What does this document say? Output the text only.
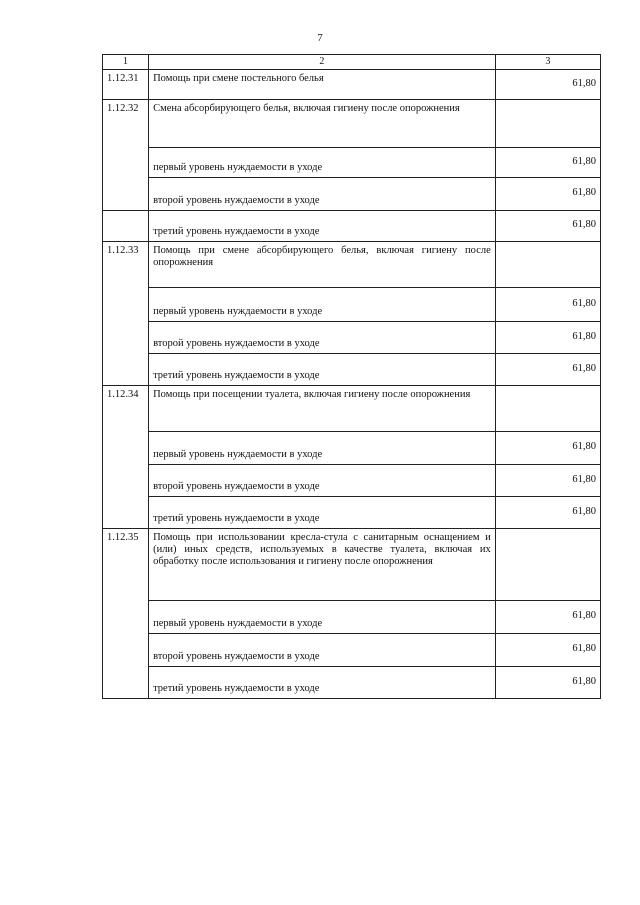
7
1	2	3
1.12.31	Помощь при смене постельного белья	61,80
1.12.32	Смена абсорбирующего белья, включая гигиену после опорожнения	
	первый уровень нуждаемости в уходе	61,80
	второй уровень нуждаемости в уходе	61,80
	третий уровень нуждаемости в уходе	61,80
1.12.33	Помощь при смене абсорбирующего белья, включая гигиену после опорожнения	
	первый уровень нуждаемости в уходе	61,80
	второй уровень нуждаемости в уходе	61,80
	третий уровень нуждаемости в уходе	61,80
1.12.34	Помощь при посещении туалета, включая гигиену после опорожнения	
	первый уровень нуждаемости в уходе	61,80
	второй уровень нуждаемости в уходе	61,80
	третий уровень нуждаемости в уходе	61,80
1.12.35	Помощь при использовании кресла-стула с санитарным оснащением и (или) иных средств, используемых в качестве туалета, включая их обработку после использования и гигиену после опорожнения	
	первый уровень нуждаемости в уходе	61,80
	второй уровень нуждаемости в уходе	61,80
	третий уровень нуждаемости в уходе	61,80
